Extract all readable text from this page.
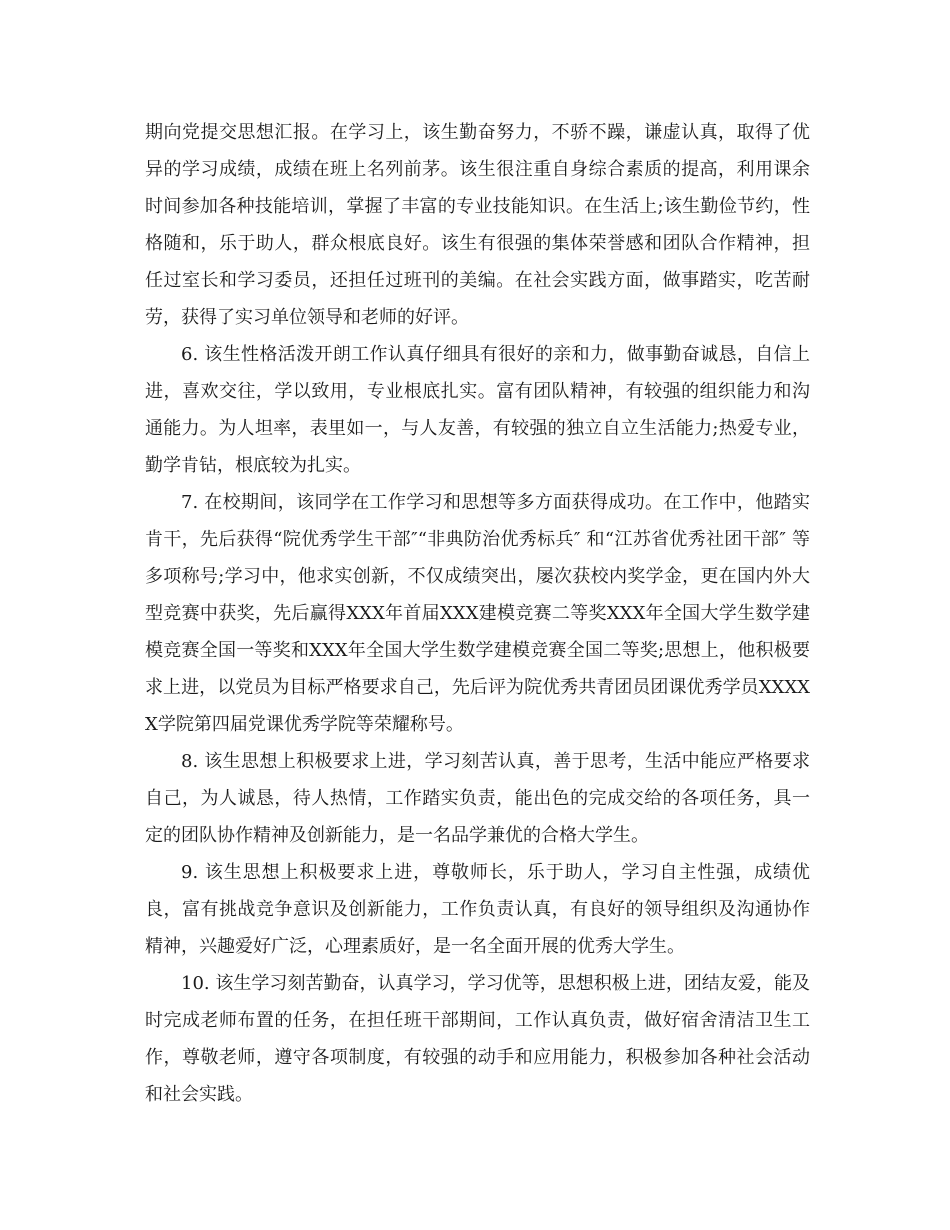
期向党提交思想汇报。在学习上，该生勤奋努力，不骄不躁，谦虚认真，取得了优异的学习成绩，成绩在班上名列前茅。该生很注重自身综合素质的提高，利用课余时间参加各种技能培训，掌握了丰富的专业技能知识。在生活上;该生勤俭节约，性格随和，乐于助人，群众根底良好。该生有很强的集体荣誉感和团队合作精神，担任过室长和学习委员，还担任过班刊的美编。在社会实践方面，做事踏实，吃苦耐劳，获得了实习单位领导和老师的好评。

6. 该生性格活泼开朗工作认真仔细具有很好的亲和力，做事勤奋诚恳，自信上进，喜欢交往，学以致用，专业根底扎实。富有团队精神，有较强的组织能力和沟通能力。为人坦率，表里如一，与人友善，有较强的独立自立生活能力;热爱专业，勤学肯钻，根底较为扎实。

7. 在校期间，该同学在工作学习和思想等多方面获得成功。在工作中，他踏实肯干，先后获得“院优秀学生干部″“非典防治优秀标兵″ 和“江苏省优秀社团干部″ 等多项称号;学习中，他求实创新，不仅成绩突出，屡次获校内奖学金，更在国内外大型竞赛中获奖，先后赢得XXX年首届XXX建模竞赛二等奖XXX年全国大学生数学建模竞赛全国一等奖和XXX年全国大学生数学建模竞赛全国二等奖;思想上，他积极要求上进，以党员为目标严格要求自己，先后评为院优秀共青团员团课优秀学员XXXXX学院第四届党课优秀学院等荣耀称号。

8. 该生思想上积极要求上进，学习刻苦认真，善于思考，生活中能应严格要求自己，为人诚恳，待人热情，工作踏实负责，能出色的完成交给的各项任务，具一定的团队协作精神及创新能力，是一名品学兼优的合格大学生。

9. 该生思想上积极要求上进，尊敬师长，乐于助人，学习自主性强，成绩优良，富有挑战竞争意识及创新能力，工作负责认真，有良好的领导组织及沟通协作精神，兴趣爱好广泛，心理素质好，是一名全面开展的优秀大学生。

10. 该生学习刻苦勤奋，认真学习，学习优等，思想积极上进，团结友爱，能及时完成老师布置的任务，在担任班干部期间，工作认真负责，做好宿舍清洁卫生工作，尊敬老师，遵守各项制度，有较强的动手和应用能力，积极参加各种社会活动和社会实践。
